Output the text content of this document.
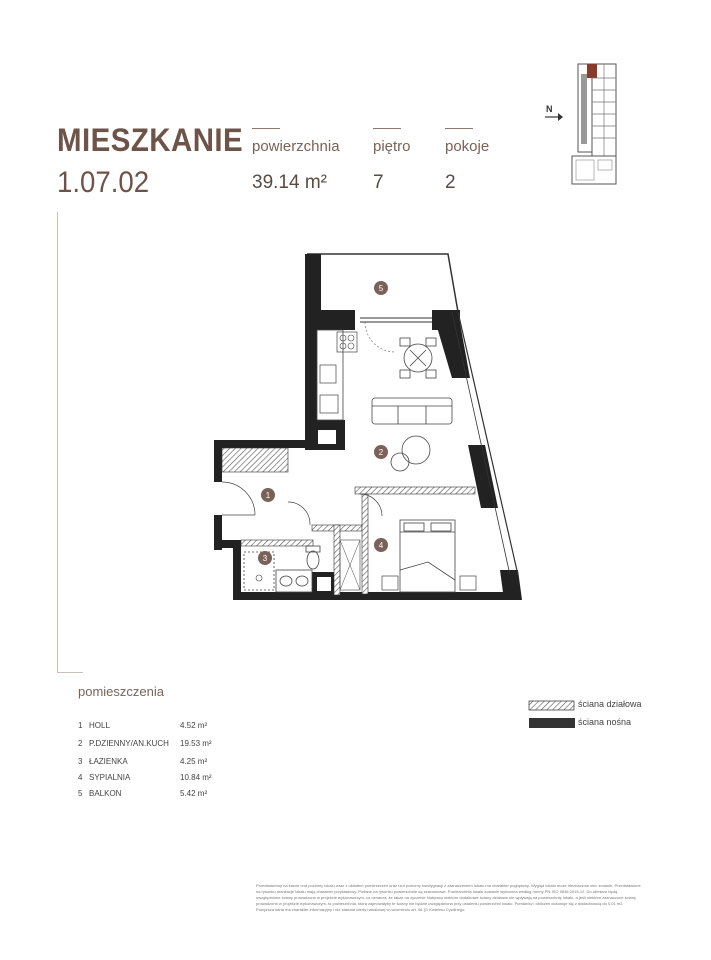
MIESZKANIE
1.07.02
powierzchnia
39.14 m²
piętro
7
pokoje
2
N
1
2
3
4
5
pomieszczenia
1 HOLL	4.52 m²
2 P.DZIENNY/AN.KUCH 19.53 m²
3 ŁAZIENKA	4.25 m²
4 SYPIALNIA	10.84 m²
5 BALKON	5.42 m²
ściana działowa
ściana nośna
Przedstawiony na karcie rzut poziomy lokalu wraz z układem pomieszczeń oraz rzut poziomy kondygnacji z zaznaczeniem lokalu ma charakter poglądowy. Wygląd lokalu może nieznacznie ulec zmianie. Przedstawione na rysunku aranżacje lokalu mają charakter przykładowy. Podane na rysunku powierzchnie są szacunkowe. Powierzchnia lokalu zostanie wyliczona według normy PN-ISO 9836:2015-12. Do obmiaru będą uwzględnione ściany prowadzone w projekcie wykonawczym, co oznacza, że także na życzenie Nabywcy niektóre dodatkowe ściany działowe nie wpływają na powierzchnię lokalu, a jeśli niektóre zaznaczone ściany prowadzone w projekcie wykonawczym, to powierzchnia, która zajmowałyby te ściany nie będzie uwzględniona przy ustaleniu powierzchni lokalu. Pomiarów i obliczeń dokonuje się z dokładnością do 0,01 m2. Powyższa karta ma charakter informacyjny i nie stanowi oferty handlowej w rozumieniu art. 66 §1 Kodeksu Cywilnego.
